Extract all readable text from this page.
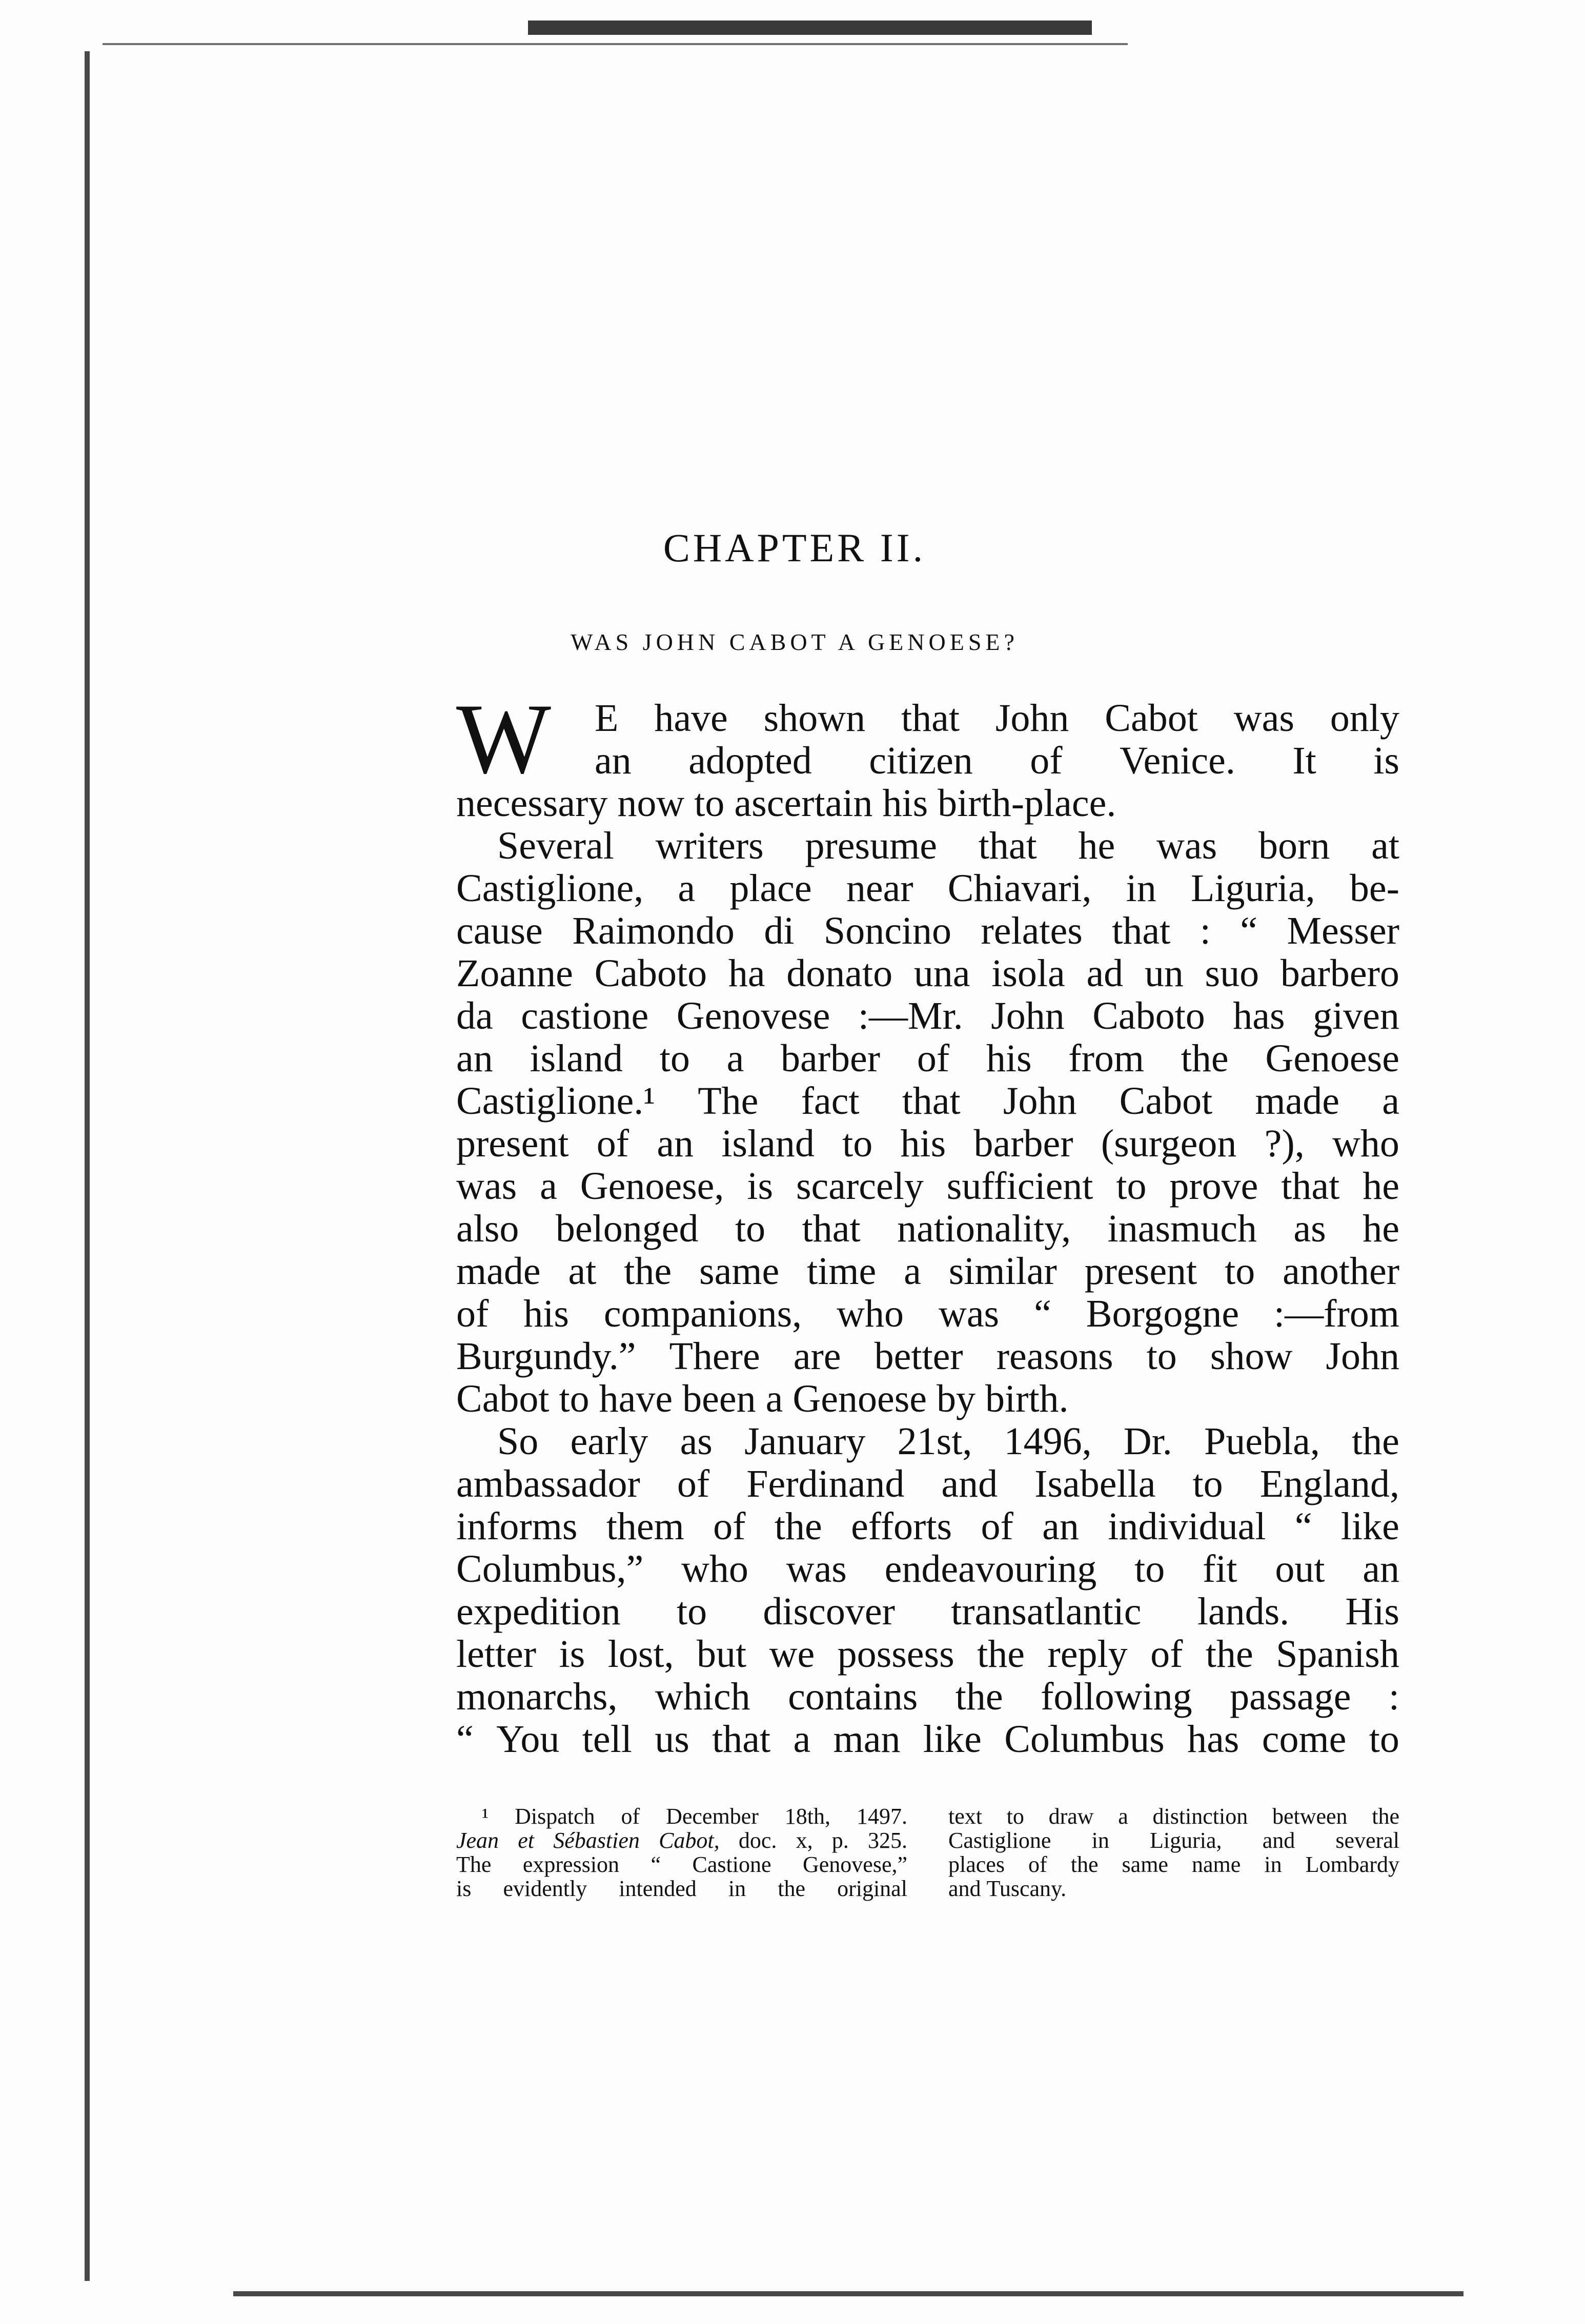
CHAPTER II.
WAS JOHN CABOT A GENOESE?
W E have shown that John Cabot was only
an adopted citizen of Venice. It is
necessary
now
to
ascertain
his
birth-place.
Several writers presume that he was born at
Castiglione, a place near Chiavari, in Liguria, be-
cause Raimondo di Soncino relates that : “ Messer
Zoanne Caboto ha donato una isola ad un suo barbero
da castione Genovese :—Mr. John Caboto has given
an island to a barber of his from the Genoese
Castiglione.¹ The fact that John Cabot made a
present of an island to his barber (surgeon ?), who
was a Genoese, is scarcely sufficient to prove that he
also belonged to that nationality, inasmuch as he
made at the same time a similar present to another
of his companions, who was “ Borgogne :—from
Burgundy.” There are better reasons to show John
Cabot
to
have
been
a
Genoese
by
birth.
So early as January 21st, 1496, Dr. Puebla, the
ambassador of Ferdinand and Isabella to England,
informs them of the efforts of an individual “ like
Columbus,” who was endeavouring to fit out an
expedition to discover transatlantic lands. His
letter is lost, but we possess the reply of the Spanish
monarchs, which contains the following passage :
“ You tell us that a man like Columbus has come to
¹ Dispatch of December 18th, 1497.
Jean et Sébastien Cabot, doc. x, p. 325.
The expression “ Castione Genovese,”
is evidently intended in the original
text to draw a distinction between the
Castiglione in Liguria, and several
places of the same name in Lombardy
and
Tuscany.
